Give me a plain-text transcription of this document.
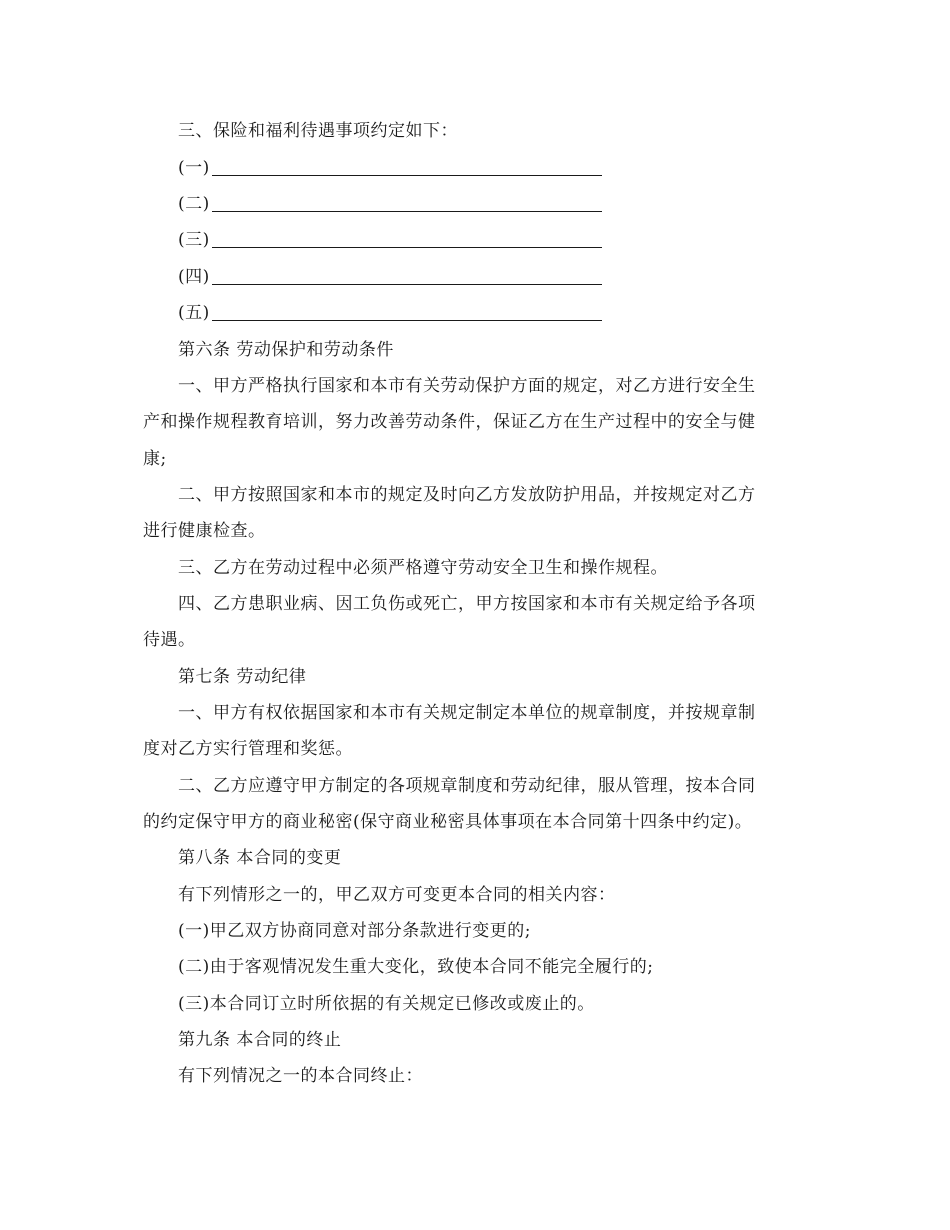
三、保险和福利待遇事项约定如下：
(一)
(二)
(三)
(四)
(五)
第六条 劳动保护和劳动条件
一、甲方严格执行国家和本市有关劳动保护方面的规定，对乙方进行安全生
产和操作规程教育培训，努力改善劳动条件，保证乙方在生产过程中的安全与健
康;
二、甲方按照国家和本市的规定及时向乙方发放防护用品，并按规定对乙方
进行健康检查。
三、乙方在劳动过程中必须严格遵守劳动安全卫生和操作规程。
四、乙方患职业病、因工负伤或死亡，甲方按国家和本市有关规定给予各项
待遇。
第七条 劳动纪律
一、甲方有权依据国家和本市有关规定制定本单位的规章制度，并按规章制
度对乙方实行管理和奖惩。
二、乙方应遵守甲方制定的各项规章制度和劳动纪律，服从管理，按本合同
的约定保守甲方的商业秘密(保守商业秘密具体事项在本合同第十四条中约定)。
第八条 本合同的变更
有下列情形之一的，甲乙双方可变更本合同的相关内容：
(一)甲乙双方协商同意对部分条款进行变更的;
(二)由于客观情况发生重大变化，致使本合同不能完全履行的;
(三)本合同订立时所依据的有关规定已修改或废止的。
第九条 本合同的终止
有下列情况之一的本合同终止：
